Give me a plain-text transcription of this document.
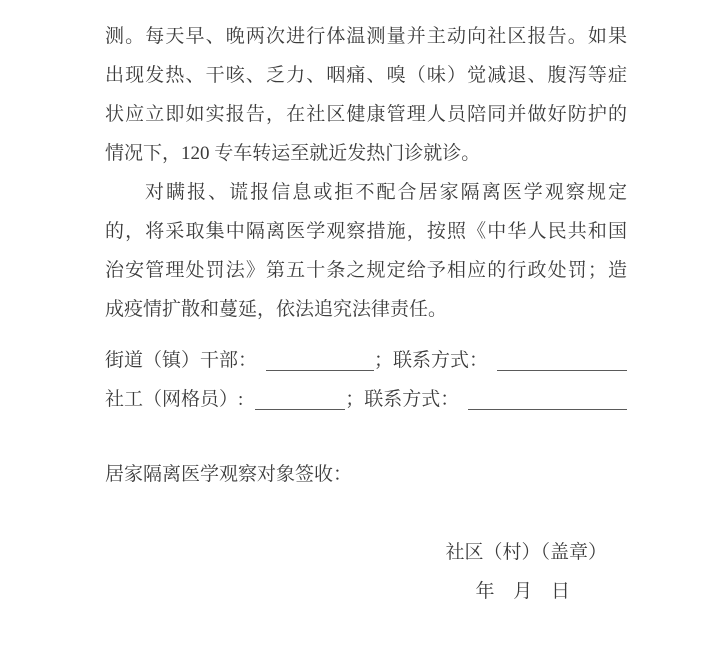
测。每天早、晚两次进行体温测量并主动向社区报告。如果
出现发热、干咳、乏力、咽痛、嗅（味）觉减退、腹泻等症
状应立即如实报告，在社区健康管理人员陪同并做好防护的
情况下，120 专车转运至就近发热门诊就诊。
对瞒报、谎报信息或拒不配合居家隔离医学观察规定
的，将采取集中隔离医学观察措施，按照《中华人民共和国
治安管理处罚法》第五十条之规定给予相应的行政处罚；造
成疫情扩散和蔓延，依法追究法律责任。
街道（镇）干部：	； 联系方式：
社工（网格员）:	； 联系方式：
居家隔离医学观察对象签收：
社区（村）（盖章）
年 月 日
